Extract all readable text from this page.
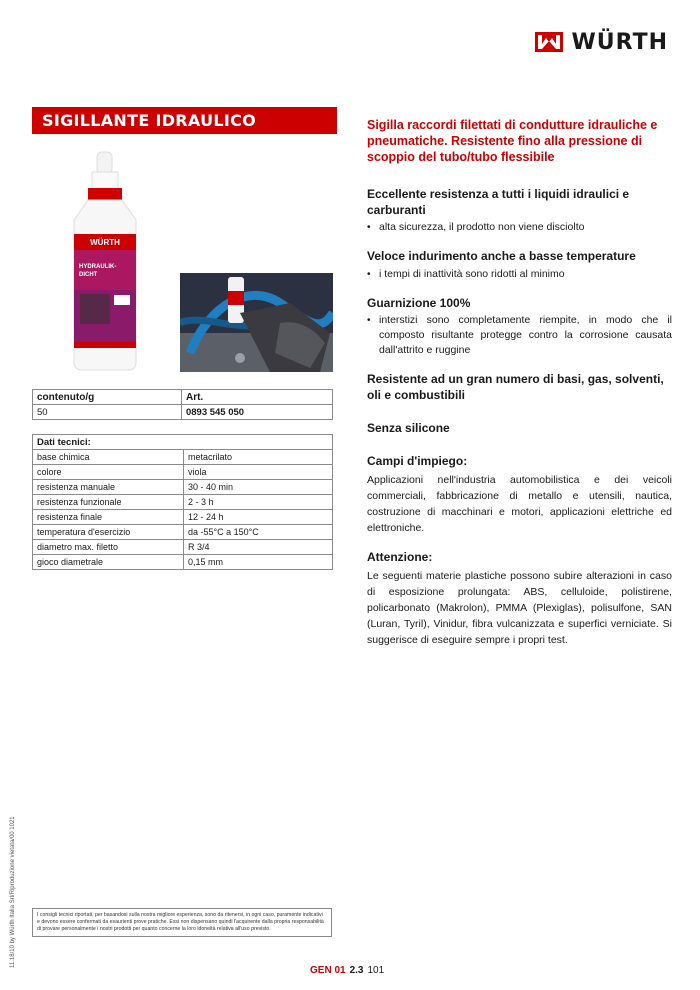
WÜRTH
SIGILLANTE IDRAULICO
WÜRTH
HYDRAULIK-
DICHT
contenuto/g	Art.
50	0893 545 050
Dati tecnici:	
base chimica	metacrilato
colore	viola
resistenza manuale	30 - 40 min
resistenza funzionale	2 - 3 h
resistenza finale	12 - 24 h
temperatura d'esercizio	da -55°C a 150°C
diametro max. filetto	R 3/4
gioco diametrale	0,15 mm
Sigilla raccordi filettati di condutture idrauliche e pneumatiche. Resistente fino alla pressione di scoppio del tubo/tubo flessibile
Eccellente resistenza a tutti i liquidi idraulici e carburanti
• alta sicurezza, il prodotto non viene disciolto
Veloce indurimento anche a basse temperature
• i tempi di inattività sono ridotti al minimo
Guarnizione 100%
• interstizi sono completamente riempite, in modo che il composto risultante protegge contro la corrosione causata dall'attrito e ruggine
Resistente ad un gran numero di basi, gas, solventi, oli e combustibili
Senza silicone
Campi d'impiego:
Applicazioni nell'industria automobilistica e dei veicoli commerciali, fabbricazione di metallo e utensili, nautica, costruzione di macchinari e motori, applicazioni elettriche ed elettroniche.
Attenzione:
Le seguenti materie plastiche possono subire alterazioni in caso di esposizione prolungata: ABS, celluloide, polistirene, policarbonato (Makrolon), PMMA (Plexiglas), polisulfone, SAN (Luran, Tyril), Vinidur, fibra vulcanizzata e superfici verniciate. Si suggerisce di eseguire sempre i propri test.
11.18/10 by Würth Italia Srl/Riproduzione vietata/00 1021	I consigli tecnici riportati, per basandosi sulla nostra migliore esperienza, sono da ritenersi, in ogni caso, puramente indicativi e devono essere confermati da esaurienti prove pratiche. Essi non dispensano quindi l'acquirente dalla propria responsabilità di provare personalmente i nostri prodotti per quanto concerne la loro idoneità relativa all'uso previsto.
GEN 01 2.3 101
